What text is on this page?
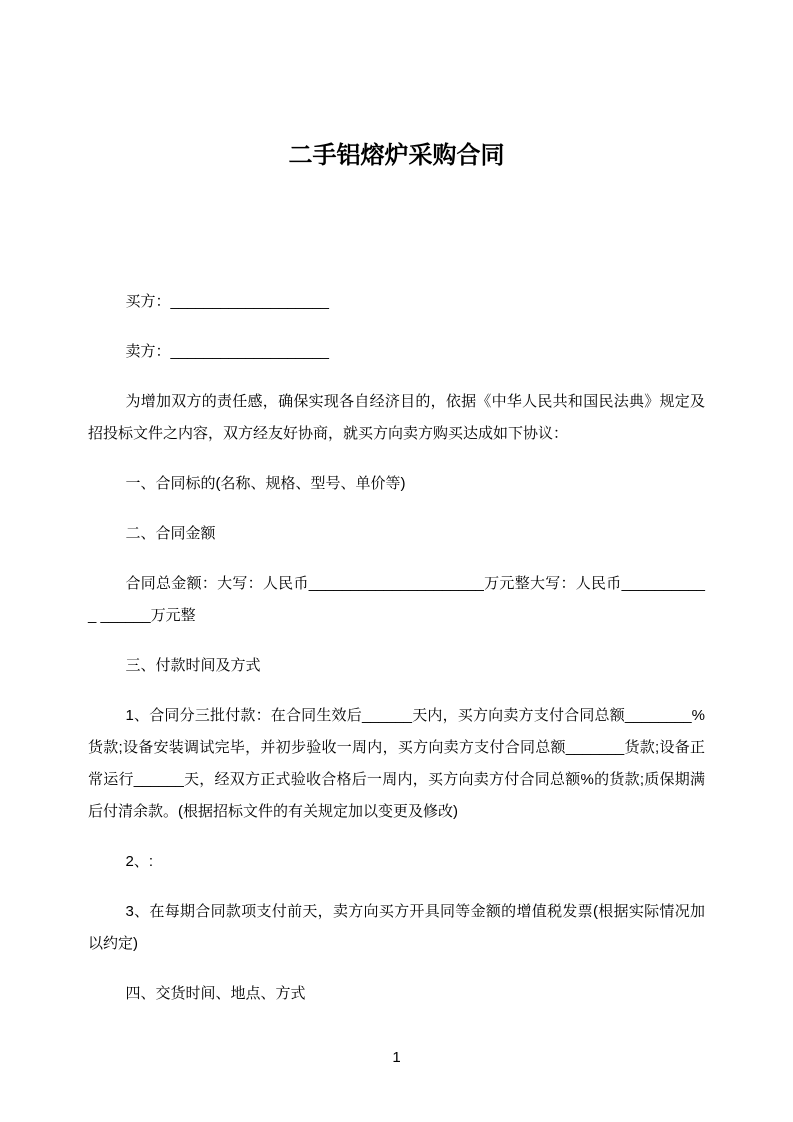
二手铝熔炉采购合同

买方：___________________

卖方：___________________

为增加双方的责任感，确保实现各自经济目的，依据《中华人民共和国民法典》规定及招投标文件之内容，双方经友好协商，就买方向卖方购买达成如下协议：

一、合同标的(名称、规格、型号、单价等)

二、合同金额

合同总金额：大写：人民币_____________________万元整大写：人民币___________ ______万元整

三、付款时间及方式

1、合同分三批付款：在合同生效后______天内，买方向卖方支付合同总额________%货款;设备安装调试完毕，并初步验收一周内，买方向卖方支付合同总额_______货款;设备正常运行______天，经双方正式验收合格后一周内，买方向卖方付合同总额%的货款;质保期满后付清余款。(根据招标文件的有关规定加以变更及修改)

2、:

3、在每期合同款项支付前天，卖方向买方开具同等金额的增值税发票(根据实际情况加以约定)

四、交货时间、地点、方式

1
